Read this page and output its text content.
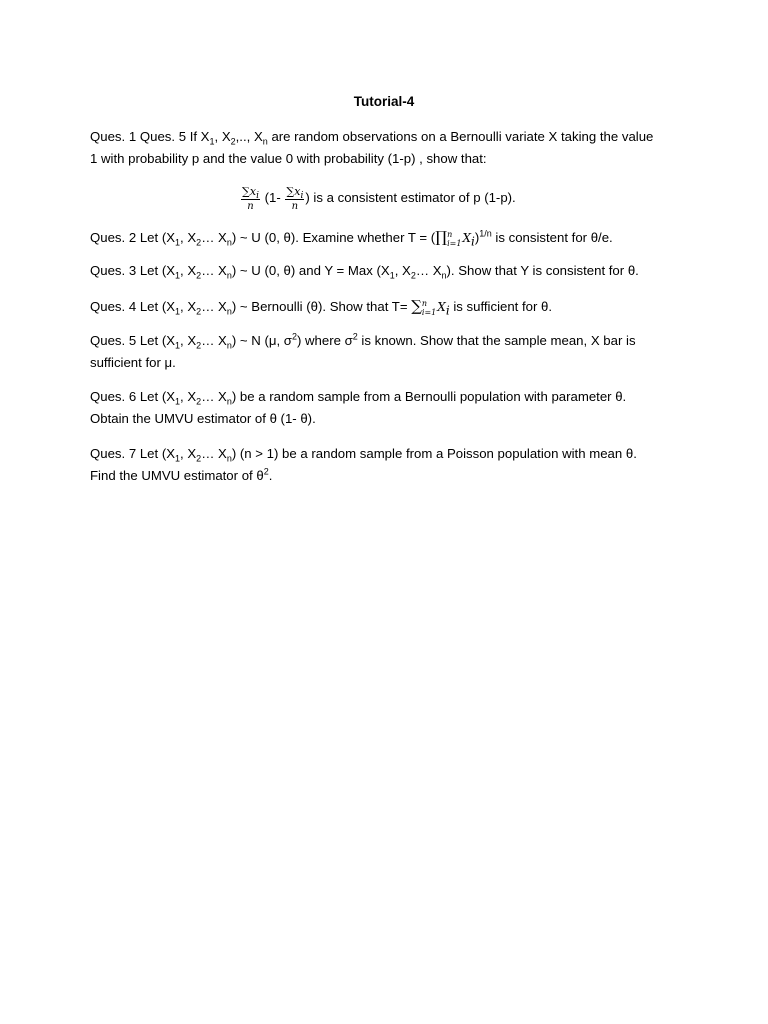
Tutorial-4
Ques. 1 Ques. 5 If $X_1$, $X_2$,.., $X_n$ are random observations on a Bernoulli variate X taking the value
1 with probability p and the value 0 with probability (1-p) , show that:
$\frac{\sum x_i}{n} (1- \frac{\sum x_i}{n}$ ) is a consistent estimator of p (1-p).
Ques. 2 Let ($X_1$, $X_2\dots$ $X_n$) ~ U (0, θ). Examine whether T = (∏n
$i=1X_i)^{1/n}$ is consistent for θ/e.
Ques. 3 Let ($X_1$, $X_2\dots$ $X_n$) ~ U (0, θ) and Y = Max ($X_1$, $X_2\dots$ $X_n$). Show that Y is consistent for θ.
Ques. 4 Let ($X_1$, $X_2\dots$ $X_n$) ~ Bernoulli (θ). Show that T= ∑n
$i=1X_i$ is sufficient for θ.
Ques. 5 Let ($X_1$, $X_2\dots$ $X_n$) ~ N (μ, $\sigma^2$) where $\sigma^2$ is known. Show that the sample mean, X bar is
sufficient for μ.
Ques. 6 Let ($X_1$, $X_2\dots$ $X_n$) be a random sample from a Bernoulli population with parameter θ.
Obtain the UMVU estimator of θ (1- θ).
Ques. 7 Let ($X_1$, $X_2\dots$ $X_n$) (n > 1) be a random sample from a Poisson population with mean θ.
Find the UMVU estimator of $\theta^2$.
